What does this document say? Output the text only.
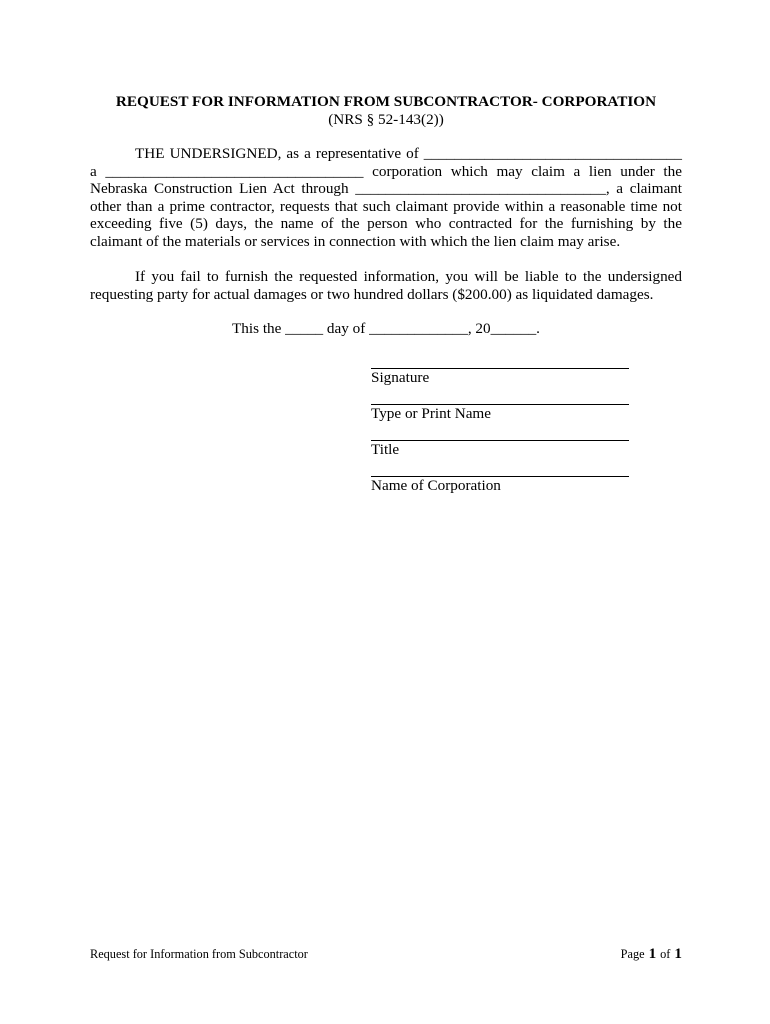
REQUEST FOR INFORMATION FROM SUBCONTRACTOR- CORPORATION
(NRS § 52-143(2))
THE UNDERSIGNED, as a representative of __________________________________
a __________________________________ corporation which may claim a lien under the
Nebraska Construction Lien Act through _________________________________, a claimant
other than a prime contractor, requests that such claimant provide within a reasonable time not
exceeding five (5) days, the name of the person who contracted for the furnishing by the
claimant of the materials or services in connection with which the lien claim may arise.
If you fail to furnish the requested information, you will be liable to the undersigned
requesting party for actual damages or two hundred dollars ($200.00) as liquidated damages.
This the _____ day of _____________, 20______.
Signature
Type or Print Name
Title
Name of Corporation
Request for Information from Subcontractor	Page 1 of 1
